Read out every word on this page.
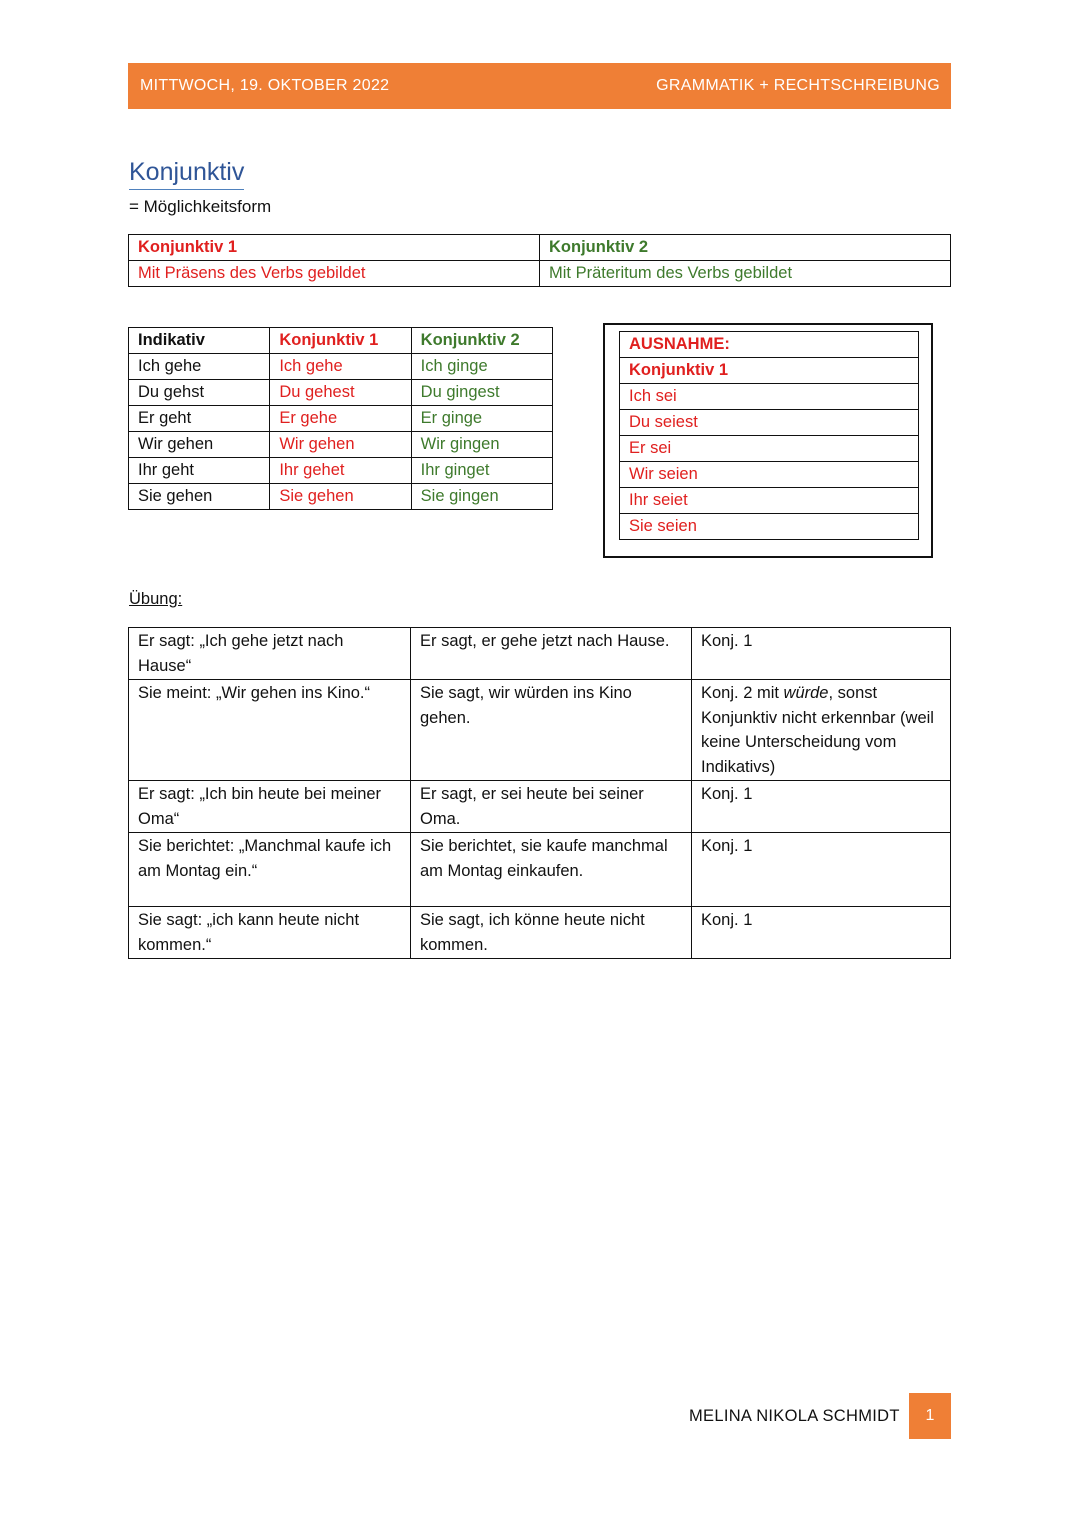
MITTWOCH, 19. OKTOBER 2022	GRAMMATIK + RECHTSCHREIBUNG
Konjunktiv
= Möglichkeitsform
Konjunktiv 1	Konjunktiv 2
Mit Präsens des Verbs gebildet	Mit Präteritum des Verbs gebildet
Indikativ	Konjunktiv 1	Konjunktiv 2
Ich gehe	Ich gehe	Ich ginge
Du gehst	Du gehest	Du gingest
Er geht	Er gehe	Er ginge
Wir gehen	Wir gehen	Wir gingen
Ihr geht	Ihr gehet	Ihr ginget
Sie gehen	Sie gehen	Sie gingen
AUSNAHME:
Konjunktiv 1
Ich sei
Du seiest
Er sei
Wir seien
Ihr seiet
Sie seien
Übung:
Er sagt: „Ich gehe jetzt nach Hause“	Er sagt, er gehe jetzt nach Hause.	Konj. 1
Sie meint: „Wir gehen ins Kino.“	Sie sagt, wir würden ins Kino gehen.	Konj. 2 mit würde, sonst Konjunktiv nicht erkennbar (weil keine Unterscheidung vom Indikativs)
Er sagt: „Ich bin heute bei meiner Oma“	Er sagt, er sei heute bei seiner Oma.	Konj. 1
Sie berichtet: „Manchmal kaufe ich am Montag ein.“	Sie berichtet, sie kaufe manchmal am Montag einkaufen.	Konj. 1
Sie sagt: „ich kann heute nicht kommen.“	Sie sagt, ich könne heute nicht kommen.	Konj. 1
MELINA NIKOLA SCHMIDT	1
